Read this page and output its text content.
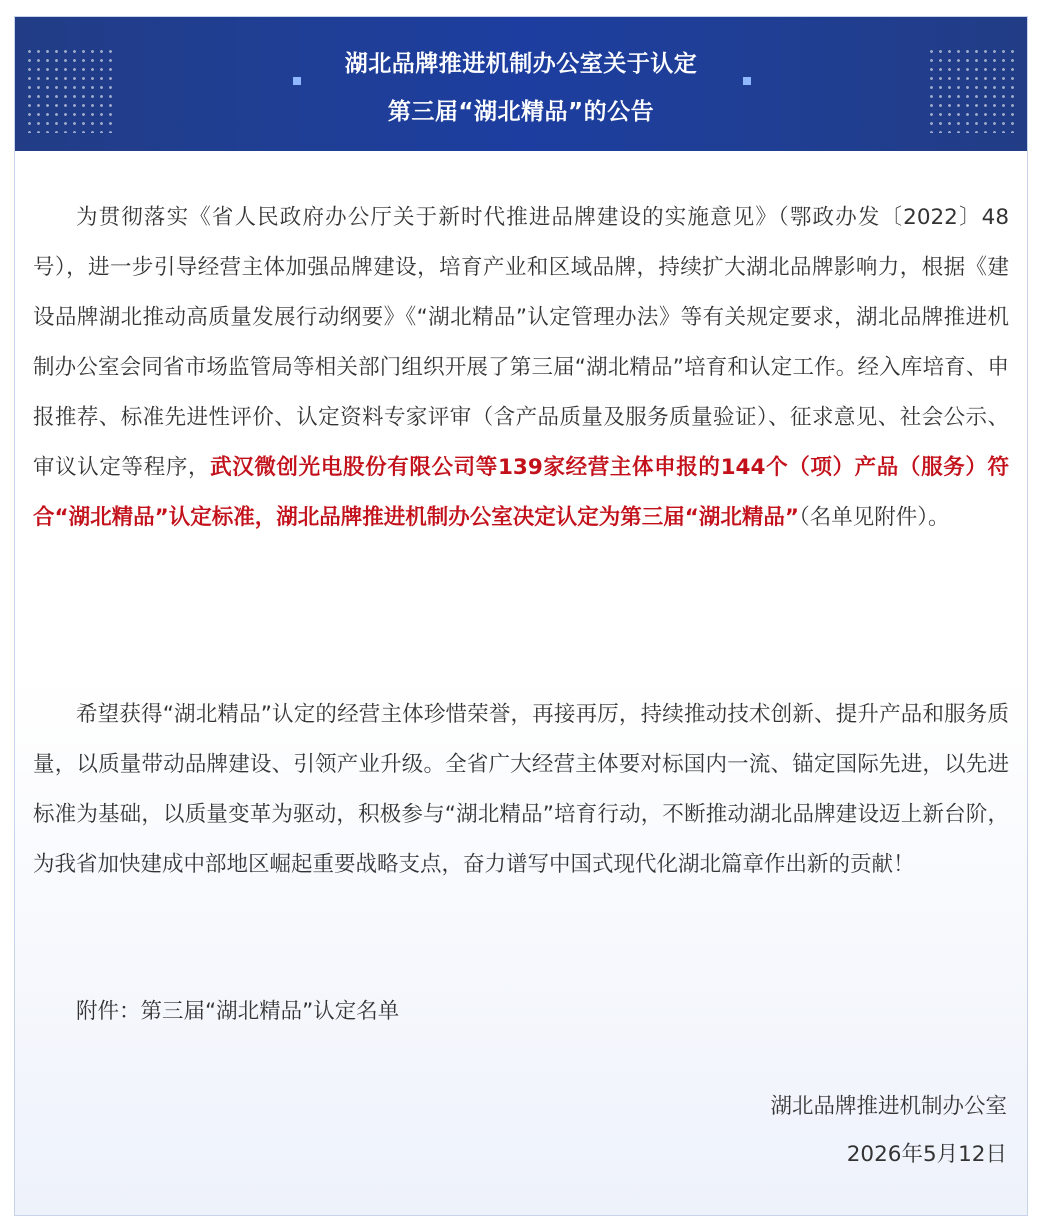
湖北品牌推进机制办公室关于认定
第三届“湖北精品”的公告

为贯彻落实《省人民政府办公厅关于新时代推进品牌建设的实施意见》（鄂政办发〔2022〕48号），进一步引导经营主体加强品牌建设，培育产业和区域品牌，持续扩大湖北品牌影响力，根据《建设品牌湖北推动高质量发展行动纲要》《“湖北精品”认定管理办法》等有关规定要求，湖北品牌推进机制办公室会同省市场监管局等相关部门组织开展了第三届“湖北精品”培育和认定工作。经入库培育、申报推荐、标准先进性评价、认定资料专家评审（含产品质量及服务质量验证）、征求意见、社会公示、审议认定等程序，武汉微创光电股份有限公司等139家经营主体申报的144个（项）产品（服务）符合“湖北精品”认定标准，湖北品牌推进机制办公室决定认定为第三届“湖北精品”（名单见附件）。

希望获得“湖北精品”认定的经营主体珍惜荣誉，再接再厉，持续推动技术创新、提升产品和服务质量，以质量带动品牌建设、引领产业升级。全省广大经营主体要对标国内一流、锚定国际先进，以先进标准为基础，以质量变革为驱动，积极参与“湖北精品”培育行动，不断推动湖北品牌建设迈上新台阶，为我省加快建成中部地区崛起重要战略支点，奋力谱写中国式现代化湖北篇章作出新的贡献！

附件：第三届“湖北精品”认定名单

湖北品牌推进机制办公室
2026年5月12日
